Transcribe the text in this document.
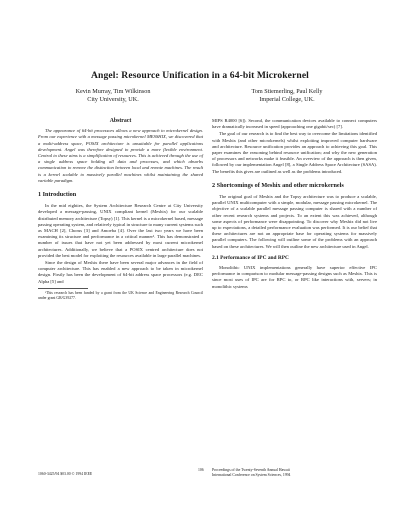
Angel: Resource Unification in a 64-bit Microkernel
Kevin Murray, Tim Wilkinson
City University, UK.
Tom Stiemerling, Paul Kelly
Imperial College, UK.
Abstract

The appearance of 64-bit processors allows a new approach to microkernel design. From our experience with a message passing microkernel MESSHIX, we discovered that a multi-address space, POSIX architecture is unsuitable for parallel applications development. Angel was therefore designed to provide a more flexible environment. Central to these aims is a simplification of resources. This is achieved through the use of a single address space holding all data and processes, and which absorbs communication to remove the distinction between local and remote machines. The result is a kernel scalable to massively parallel machines whilst maintaining the shared variable paradigm.

1 Introduction

In the mid eighties, the System Architecture Research Centre at City University developed a message-passing, UNIX compliant kernel (Meshix) for our scalable distributed memory architecture (Topsy) [1]. This kernel is a microkernel based, message passing operating system, and relatively typical in structure to many current systems such as MACH [2], Chorus [3] and Amoeba [4]. Over the last two years we have been examining its structure and performance in a critical manner¹. This has demonstrated a number of issues that have not yet been addressed by most current microkernel architectures. Additionally, we believe that a POSIX centred architecture does not provided the best model for exploiting the resources available in large parallel machines.

Since the design of Meshix there have been several major advances in the field of computer architecture. This has enabled a new approach to be taken in microkernel design. Firstly has been the development of 64-bit address space processors (e.g. DEC Alpha [5] and

¹This research has been funded by a grant from the UK Science and Engineering Research Council under grant GR/G39277.

MIPS R4000 [6]). Second, the communication devices available to connect computers have dramatically increased in speed (approaching one gigabit/sec) [7].

The goal of our research is to find the best way to overcome the limitations identified with Meshix (and other microkernels) whilst exploiting improved computer hardware and architecture. Resource unification provides an approach to achieving this goal. This paper examines the reasoning behind resource unification; and why the new generation of processors and networks make it feasible. An overview of the approach is then given, followed by our implementation Angel [8], a Single Address Space Architecture (SASA). The benefits this gives are outlined as well as the problems introduced.

2 Shortcomings of Meshix and other microkernels

The original goal of Meshix and the Topsy architecture was to produce a scalable, parallel UNIX multicomputer with a simple, modular, message passing microkernel. The objective of a scalable parallel message passing computer is shared with a number of other recent research systems and projects. To an extent this was achieved, although some aspects of performance were disappointing. To discover why Meshix did not live up to expectations, a detailed performance evaluation was performed. It is our belief that these architectures are not an appropriate base for operating systems for massively parallel computers. The following will outline some of the problems with an approach based on these architectures. We will then outline the new architecture used in Angel.

2.1 Performance of IPC and RPC

Monolithic UNIX implementations generally have superior effective IPC performance in comparison to modular message-passing designs such as Meshix. This is since most uses of IPC are for RPC to, or RPC like interactions with, servers; in monolithic systems

1060-3425/94 $03.00 © 1994 IEEE
106 Proceedings of the Twenty-Seventh Annual Hawaii
International Conference on System Sciences, 1994
